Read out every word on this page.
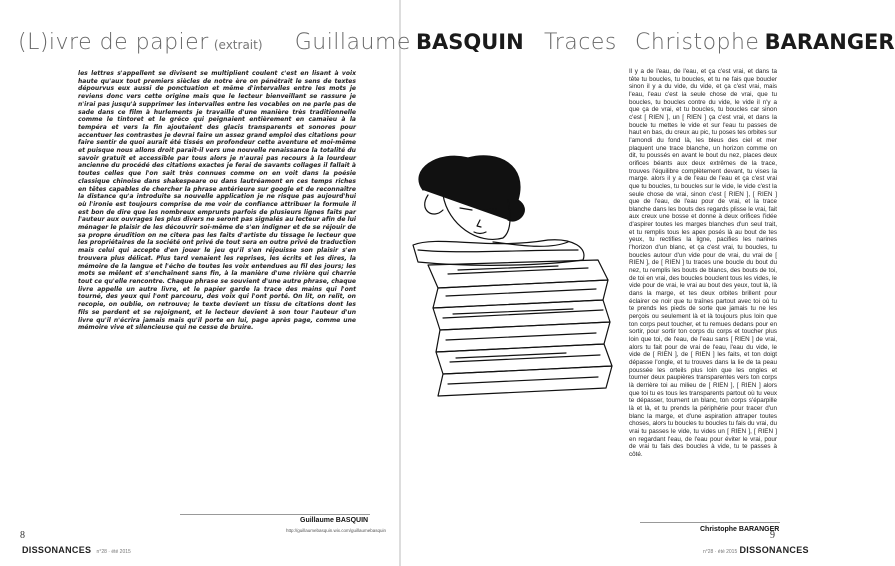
(L)ivre de papier (extrait) Guillaume BASQUIN
les lettres s'appellent se divisent se multiplient coulent c'est en lisant à voix haute qu'aux tout premiers siècles de notre ère on pénétrait le sens de textes dépourvus eux aussi de ponctuation et même d'intervalles entre les mots je reviens donc vers cette origine mais que le lecteur bienveillant se rassure je n'irai pas jusqu'à supprimer les intervalles entre les vocables on ne parle pas de sade dans ce film à hurlements je travaille d'une manière très traditionnelle comme le tintoret et le gréco qui peignaient entièrement en camaïeu à la tempéra et vers la fin ajoutaient des glacis transparents et sonores pour accentuer les contrastes je devrai faire un assez grand emploi des citations pour faire sentir de quoi aurait été tissés en profondeur cette aventure et moi-même et puisque nous allons droit parait-il vers une nouvelle renaissance la totalité du savoir gratuit et accessible par tous alors je n'aurai pas recours à la lourdeur ancienne du procédé des citations exactes je ferai de savants collages il fallait à toutes celles que l'on sait très connues comme on en voit dans la poésie classique chinoise dans shakespeare ou dans lautréamont en ces temps riches en têtes capables de chercher la phrase antérieure sur google et de reconnaître la distance qu'a introduite sa nouvelle application je ne risque pas aujourd'hui où l'ironie est toujours comprise de me voir de confiance attribuer la formule il est bon de dire que les nombreux emprunts parfois de plusieurs lignes faits par l'auteur aux ouvrages les plus divers ne seront pas signalés au lecteur afin de lui ménager le plaisir de les découvrir soi-même de s'en indigner et de se réjouir de sa propre érudition on ne citera pas les faits d'artiste du tissage le lecteur que les propriétaires de la société ont privé de tout sera en outre privé de traduction mais celui qui accepte d'en jouer le jeu qu'il s'en réjouisse son plaisir s'en trouvera plus délicat. Plus tard venaient les reprises, les écrits et les dires, la mémoire de la langue et l'écho de toutes les voix entendues au fil des jours; les mots se mêlent et s'enchaînent sans fin, à la manière d'une rivière qui charrie tout ce qu'elle rencontre. Chaque phrase se souvient d'une autre phrase, chaque livre appelle un autre livre, et le papier garde la trace des mains qui l'ont tourné, des yeux qui l'ont parcouru, des voix qui l'ont porté. On lit, on relit, on recopie, on oublie, on retrouve; le texte devient un tissu de citations dont les fils se perdent et se rejoignent, et le lecteur devient à son tour l'auteur d'un livre qu'il n'écrira jamais mais qu'il porte en lui, page après page, comme une mémoire vive et silencieuse qui ne cesse de bruire.
Guillaume BASQUIN
http://guillaumebasquin.wix.com/guillaumebasquin
8
DISSONANCES n°28 · été 2015
Traces Christophe BARANGER
Il y a de l'eau, de l'eau, et ça c'est vrai, et dans ta tête tu boucles, tu boucles, et tu ne fais que boucler sinon il y a du vide, du vide, et ça c'est vrai, mais l'eau, l'eau c'est la seule chose de vrai, que tu boucles, tu boucles contre du vide, le vide il n'y a que ça de vrai, et tu boucles, tu boucles car sinon c'est [ RIEN ], un [ RIEN ] ça c'est vrai, et dans la boucle tu mettes le vide et sur l'eau tu passes de haut en bas, du creux au pic, tu poses tes orbites sur l'amondi du fond là, les bleus des ciel et mer plaquent une trace blanche, un horizon comme on dit, tu poussés en avant le bout du nez, places deux orifices béants aux deux extrêmes de la trace, trouves l'équilibre complètement devant, tu vises la marge. alors il y a de l'eau de l'eau et ça c'est vrai que tu boucles, tu boucles sur le vide, le vide c'est la seule chose de vrai, sinon c'est [ RIEN ], [ RIEN ] que de l'eau, de l'eau pour de vrai, et la trace blanche dans les bouts des regards plisse le vrai, fait aux creux une bosse et donne à deux orifices l'idée d'aspirer toutes les marges blanches d'un seul trait, et tu remplis tous les apex posés là au bout de tes yeux, tu rectifies la ligne, pacifies les narines l'horizon d'un blanc, et ça c'est vrai, tu boucles, tu boucles autour d'un vide pour de vrai, du vrai de [ RIEN ], de [ RIEN ] tu traces une boucle du bout du nez, tu remplis les bouts de blancs, des bouts de toi, de toi en vrai, des boucles bouclent tous les vides, le vide pour de vrai, le vrai au bout des yeux, tout là, là dans la marge, et tes deux orbites brillent pour éclairer ce noir que tu traînes partout avec toi où tu te prends les pieds de sorte que jamais tu ne les perçois ou seulement là et là toujours plus loin que ton corps peut toucher, et tu remues dedans pour en sortir, pour sortir ton corps du corps et toucher plus loin que toi, de l'eau, de l'eau sans [ RIEN ] de vrai, alors tu fait pour de vrai de l'eau, l'eau du vide, le vide de [ RIEN ], de [ RIEN ] les faits, et ton doigt dépasse l'ongle, et tu trouves dans la lie de ta peau poussée les orteils plus loin que les ongles et tourner deux paupières transparentes vers ton corps là derrière toi au milieu de [ RIEN ], [ RIEN ] alors que toi tu es tous les transparents partout où tu veux te dépasser, tournent un blanc, ton corps s'éparpille là et là, et tu prends la périphérie pour tracer d'un blanc la marge, et d'une aspiration attraper toutes choses, alors tu boucles tu boucles tu fais du vrai, du vrai tu passes le vide, tu vides un [ RIEN ], [ RIEN ] en regardant l'eau, de l'eau pour éviter le vrai, pour de vrai tu fais des boucles à vide, tu te passes à côté.
Christophe BARANGER
9
n°28 · été 2015 DISSONANCES
